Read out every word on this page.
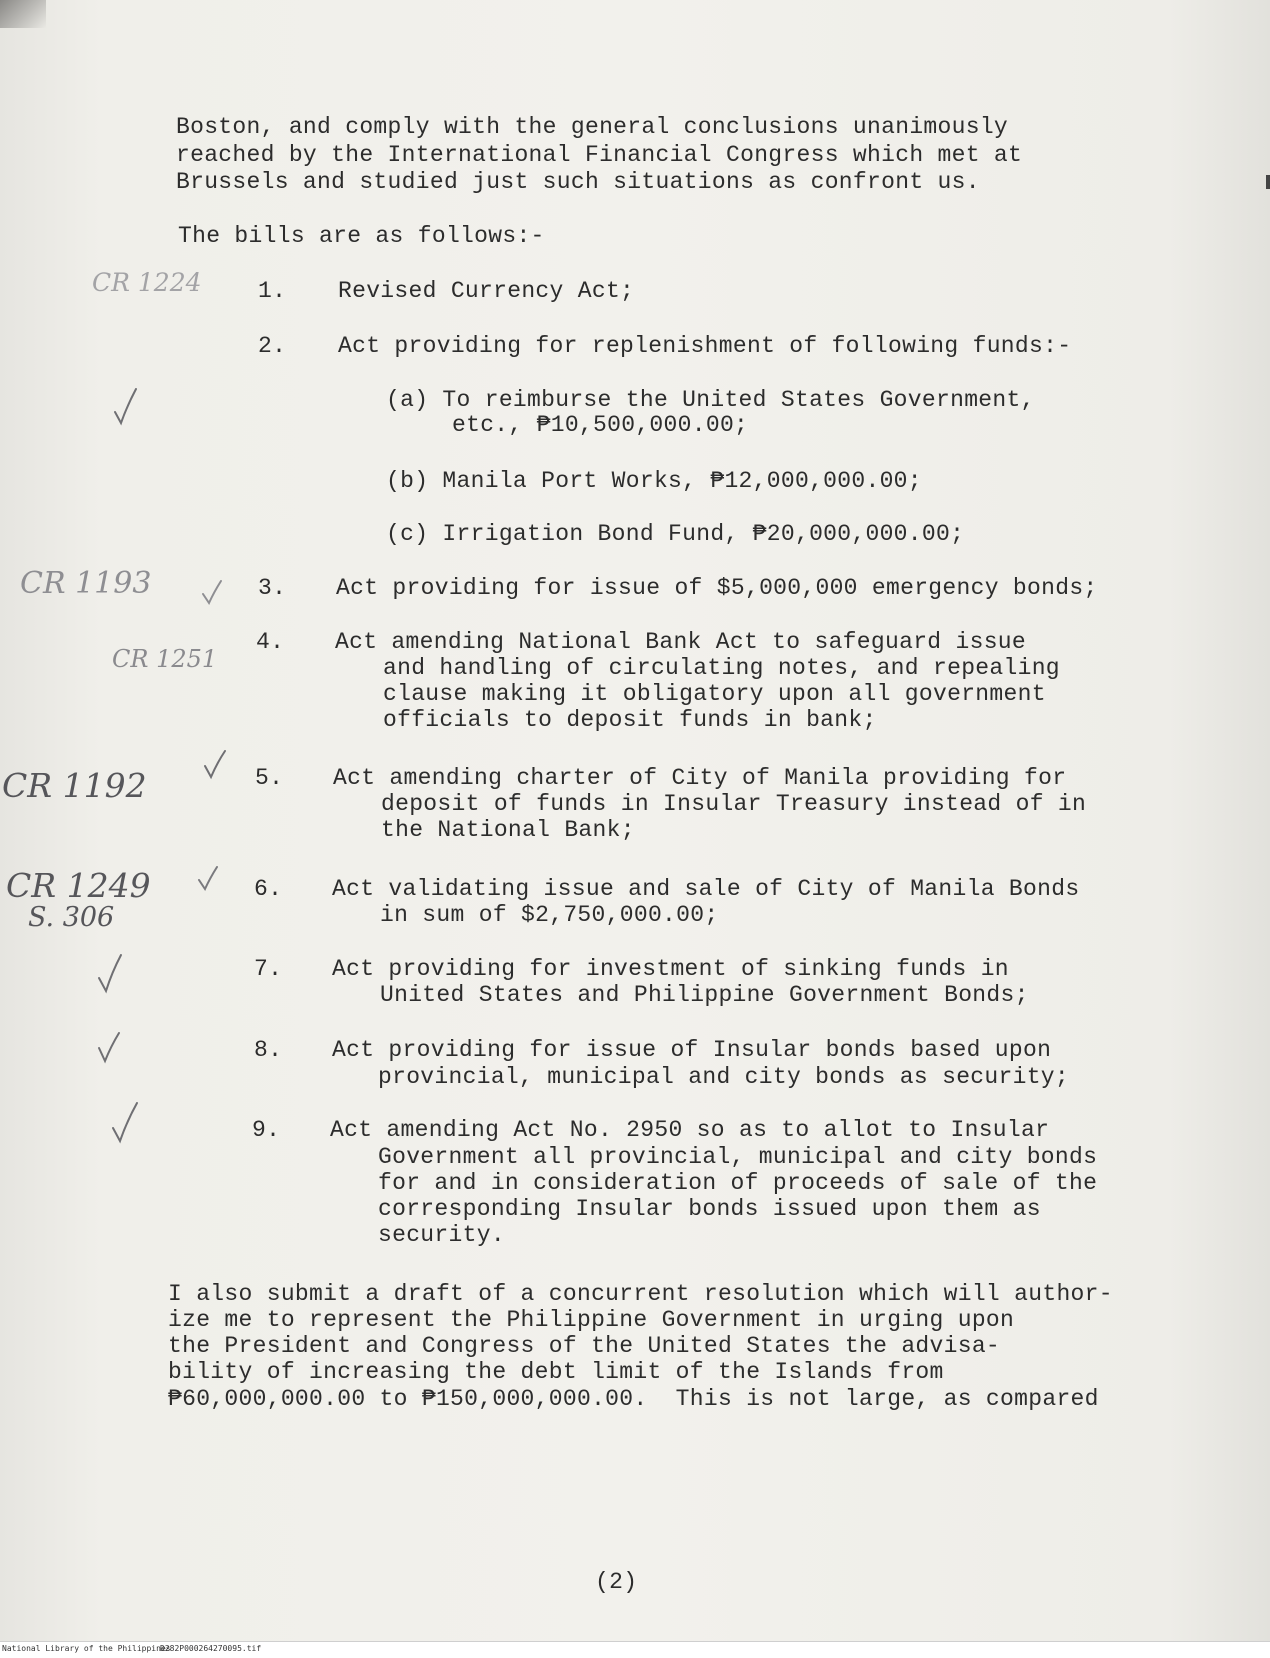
Boston, and comply with the general conclusions unanimously
reached by the International Financial Congress which met at
Brussels and studied just such situations as confront us.
The bills are as follows:-
1. Revised Currency Act;
2. Act providing for replenishment of following funds:-
(a) To reimburse the United States Government,
etc., ₱10,500,000.00;
(b) Manila Port Works, ₱12,000,000.00;
(c) Irrigation Bond Fund, ₱20,000,000.00;
3. Act providing for issue of $5,000,000 emergency bonds;
4. Act amending National Bank Act to safeguard issue
and handling of circulating notes, and repealing
clause making it obligatory upon all government
officials to deposit funds in bank;
5. Act amending charter of City of Manila providing for
deposit of funds in Insular Treasury instead of in
the National Bank;
6. Act validating issue and sale of City of Manila Bonds
in sum of $2,750,000.00;
7. Act providing for investment of sinking funds in
United States and Philippine Government Bonds;
8. Act providing for issue of Insular bonds based upon
provincial, municipal and city bonds as security;
9. Act amending Act No. 2950 so as to allot to Insular
Government all provincial, municipal and city bonds
for and in consideration of proceeds of sale of the
corresponding Insular bonds issued upon them as
security.
I also submit a draft of a concurrent resolution which will author-
ize me to represent the Philippine Government in urging upon
the President and Congress of the United States the advisa-
bility of increasing the debt limit of the Islands from
₱60,000,000.00 to ₱150,000,000.00.  This is not large, as compared
(2)
CR 1224
CR 1193
CR 1251
CR 1192
CR 1249
S. 306
National Library of the Philippines
D282P000264270095.tif
